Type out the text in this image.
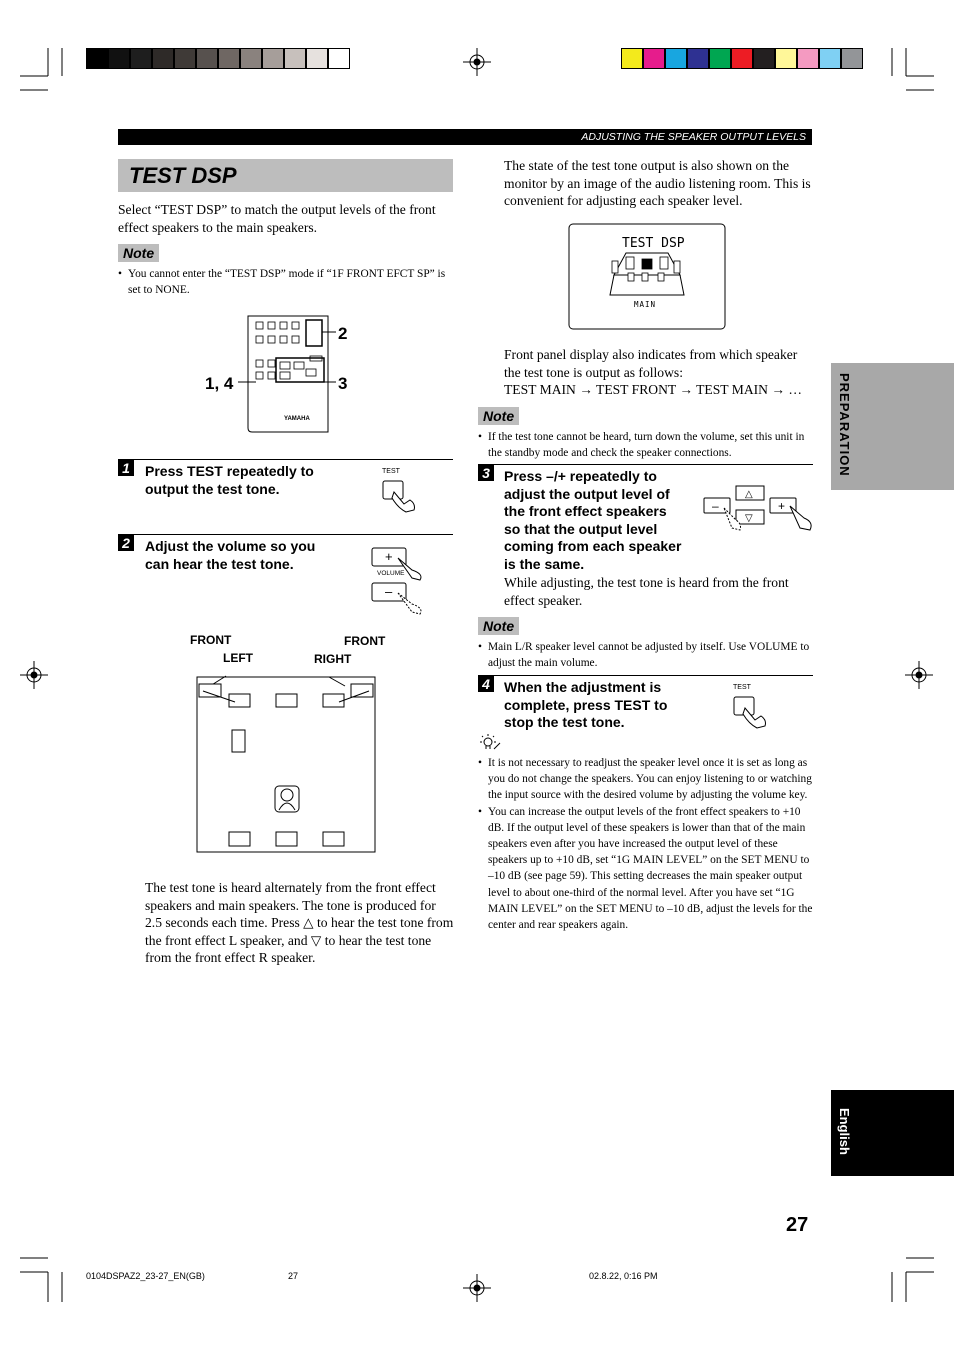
ADJUSTING THE SPEAKER OUTPUT LEVELS
TEST DSP
Select “TEST DSP” to match the output levels of the front effect speakers to the main speakers.
Note
• You cannot enter the “TEST DSP” mode if “1F FRONT EFCT SP” is set to NONE.
YAMAHA
2
1, 4	3
1 Press TEST repeatedly to output the test tone.
TEST
2 Adjust the volume so you can hear the test tone.	+
–
VOLUME
FRONT
LEFT
FRONT
RIGHT
The test tone is heard alternately from the front effect speakers and main speakers. The tone is produced for 2.5 seconds each time. Press △ to hear the test tone from the front effect L speaker, and ▽ to hear the test tone from the front effect R speaker.
The state of the test tone output is also shown on the monitor by an image of the audio listening room. This is convenient for adjusting each speaker level.
TEST DSP
MAIN
Front panel display also indicates from which speaker the test tone is output as follows:
TEST MAIN → TEST FRONT → TEST MAIN → …
Note
• If the test tone cannot be heard, turn down the volume, set this unit in the standby mode and check the speaker connections.
3 Press –/+ repeatedly to adjust the output level of the front effect speakers so that the output level coming from each speaker is the same.
△
▽
–	+
While adjusting, the test tone is heard from the front effect speaker.
Note
• Main L/R speaker level cannot be adjusted by itself. Use VOLUME to adjust the main volume.
4 When the adjustment is complete, press TEST to stop the test tone.
TEST
• It is not necessary to readjust the speaker level once it is set as long as you do not change the speakers. You can enjoy listening to or watching the input source with the desired volume by adjusting the volume key.
• You can increase the output levels of the front effect speakers to +10 dB. If the output level of these speakers is lower than that of the main speakers even after you have increased the output level of these speakers up to +10 dB, set “1G MAIN LEVEL” on the SET MENU to –10 dB (see page 59). This setting decreases the main speaker output level to about one-third of the normal level. After you have set “1G MAIN LEVEL” on the SET MENU to –10 dB, adjust the levels for the center and rear speakers again.
PREPARATION
English
27
0104DSPAZ2_23-27_EN(GB)	27	02.8.22, 0:16 PM
